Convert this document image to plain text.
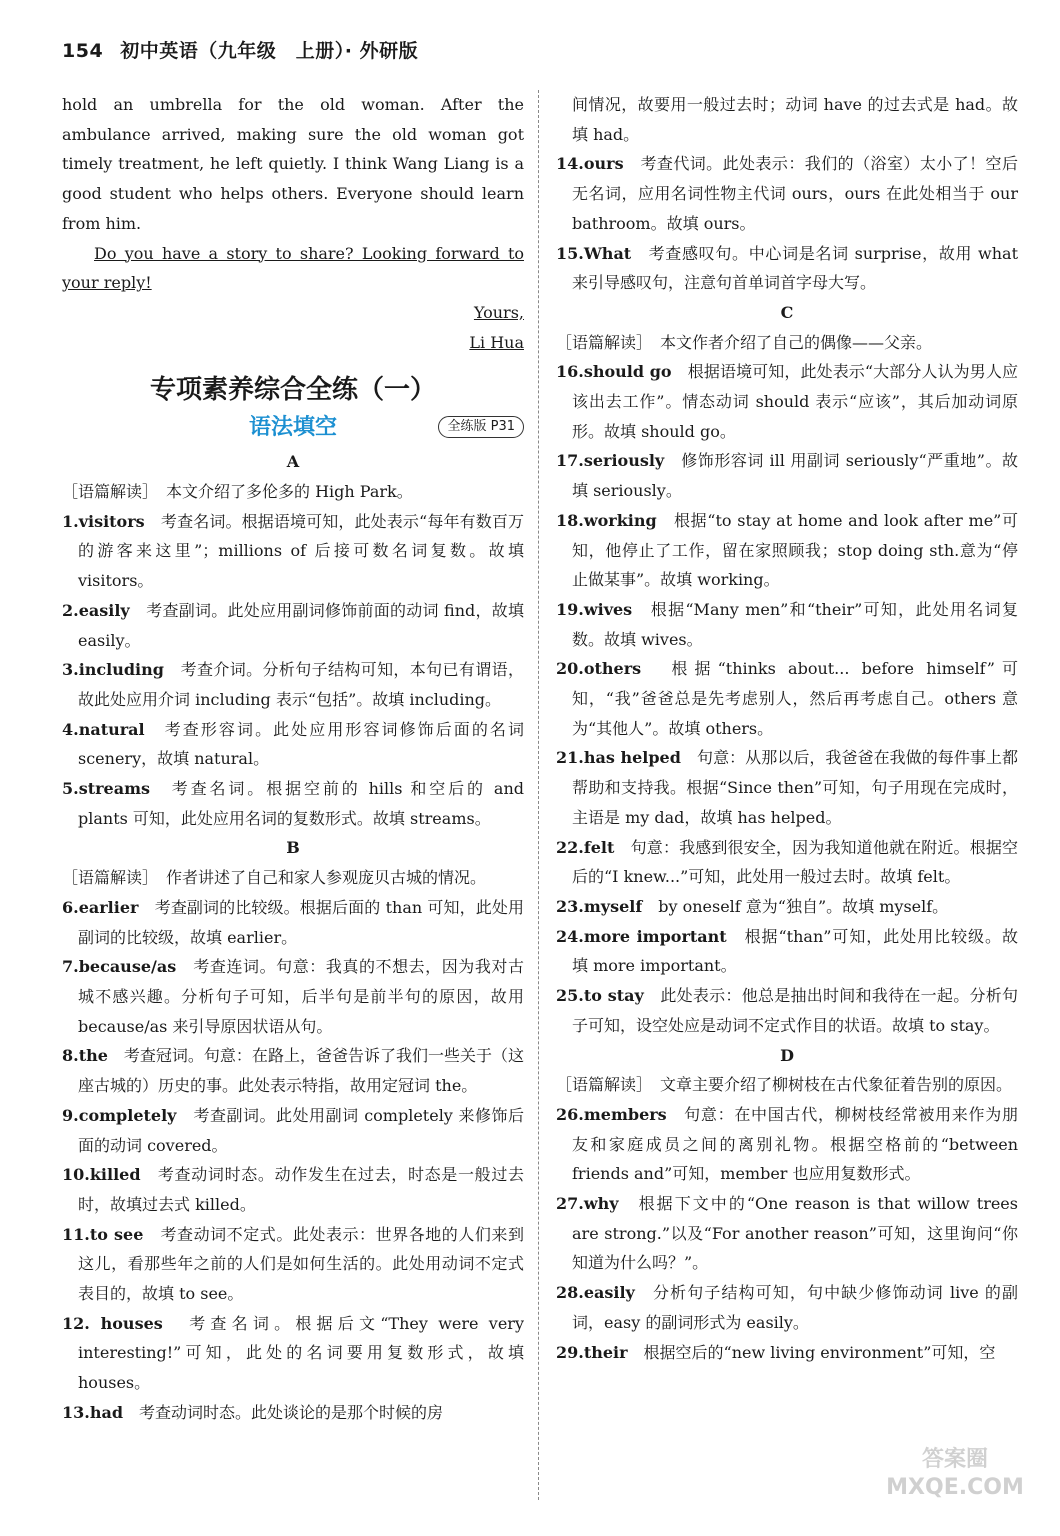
154 初中英语（九年级　上册）· 外研版

hold an umbrella for the old woman. After the ambulance arrived, making sure the old woman got timely treatment, he left quietly. I think Wang Liang is a good student who helps others. Everyone should learn from him.

Do you have a story to share? Looking forward to your reply!

Yours,
Li Hua
专项素养综合全练（一）
语法填空	全练版 P31
A
［语篇解读］　本文介绍了多伦多的 High Park。
1.visitors　考查名词。根据语境可知，此处表示“每年有数百万的游客来这里”；millions of 后接可数名词复数。故填 visitors。
2.easily　考查副词。此处应用副词修饰前面的动词 find，故填 easily。
3.including　考查介词。分析句子结构可知，本句已有谓语，故此处应用介词 including 表示“包括”。故填 including。
4.natural　考查形容词。此处应用形容词修饰后面的名词 scenery，故填 natural。
5.streams　考查名词。根据空前的 hills 和空后的 and plants 可知，此处应用名词的复数形式。故填 streams。
B
［语篇解读］　作者讲述了自己和家人参观庞贝古城的情况。
6.earlier　考查副词的比较级。根据后面的 than 可知，此处用副词的比较级，故填 earlier。
7.because/as　考查连词。句意：我真的不想去，因为我对古城不感兴趣。分析句子可知，后半句是前半句的原因，故用 because/as 来引导原因状语从句。
8.the　考查冠词。句意：在路上，爸爸告诉了我们一些关于（这座古城的）历史的事。此处表示特指，故用定冠词 the。
9.completely　考查副词。此处用副词 completely 来修饰后面的动词 covered。
10.killed　考查动词时态。动作发生在过去，时态是一般过去时，故填过去式 killed。
11.to see　考查动词不定式。此处表示：世界各地的人们来到这儿，看那些年之前的人们是如何生活的。此处用动词不定式表目的，故填 to see。
12. houses　考查名词。根据后文“They were very interesting!”可知，此处的名词要用复数形式，故填 houses。
13.had　考查动词时态。此处谈论的是那个时候的房
间情况，故要用一般过去时；动词 have 的过去式是 had。故填 had。
14.ours　考查代词。此处表示：我们的（浴室）太小了！空后无名词，应用名词性物主代词 ours，ours 在此处相当于 our bathroom。故填 ours。
15.What　考查感叹句。中心词是名词 surprise，故用 what 来引导感叹句，注意句首单词首字母大写。
C
［语篇解读］　本文作者介绍了自己的偶像——父亲。
16.should go　根据语境可知，此处表示“大部分人认为男人应该出去工作”。情态动词 should 表示“应该”，其后加动词原形。故填 should go。
17.seriously　修饰形容词 ill 用副词 seriously“严重地”。故填 seriously。
18.working　根据“to stay at home and look after me”可知，他停止了工作，留在家照顾我；stop doing sth.意为“停止做某事”。故填 working。
19.wives　根据“Many men”和“their”可知，此处用名词复数。故填 wives。
20.others　根据“thinks about... before himself”可知，“我”爸爸总是先考虑别人，然后再考虑自己。others 意为“其他人”。故填 others。
21.has helped　句意：从那以后，我爸爸在我做的每件事上都帮助和支持我。根据“Since then”可知，句子用现在完成时，主语是 my dad，故填 has helped。
22.felt　句意：我感到很安全，因为我知道他就在附近。根据空后的“I knew...”可知，此处用一般过去时。故填 felt。
23.myself　by oneself 意为“独自”。故填 myself。
24.more important　根据“than”可知，此处用比较级。故填 more important。
25.to stay　此处表示：他总是抽出时间和我待在一起。分析句子可知，设空处应是动词不定式作目的状语。故填 to stay。
D
［语篇解读］　文章主要介绍了柳树枝在古代象征着告别的原因。
26.members　句意：在中国古代，柳树枝经常被用来作为朋友和家庭成员之间的离别礼物。根据空格前的“between friends and”可知，member 也应用复数形式。
27.why　根据下文中的“One reason is that willow trees are strong.”以及“For another reason”可知，这里询问“你知道为什么吗？”。
28.easily　分析句子结构可知，句中缺少修饰动词 live 的副词，easy 的副词形式为 easily。
29.their　根据空后的“new living environment”可知，空
答案圈 MXQE.COM
